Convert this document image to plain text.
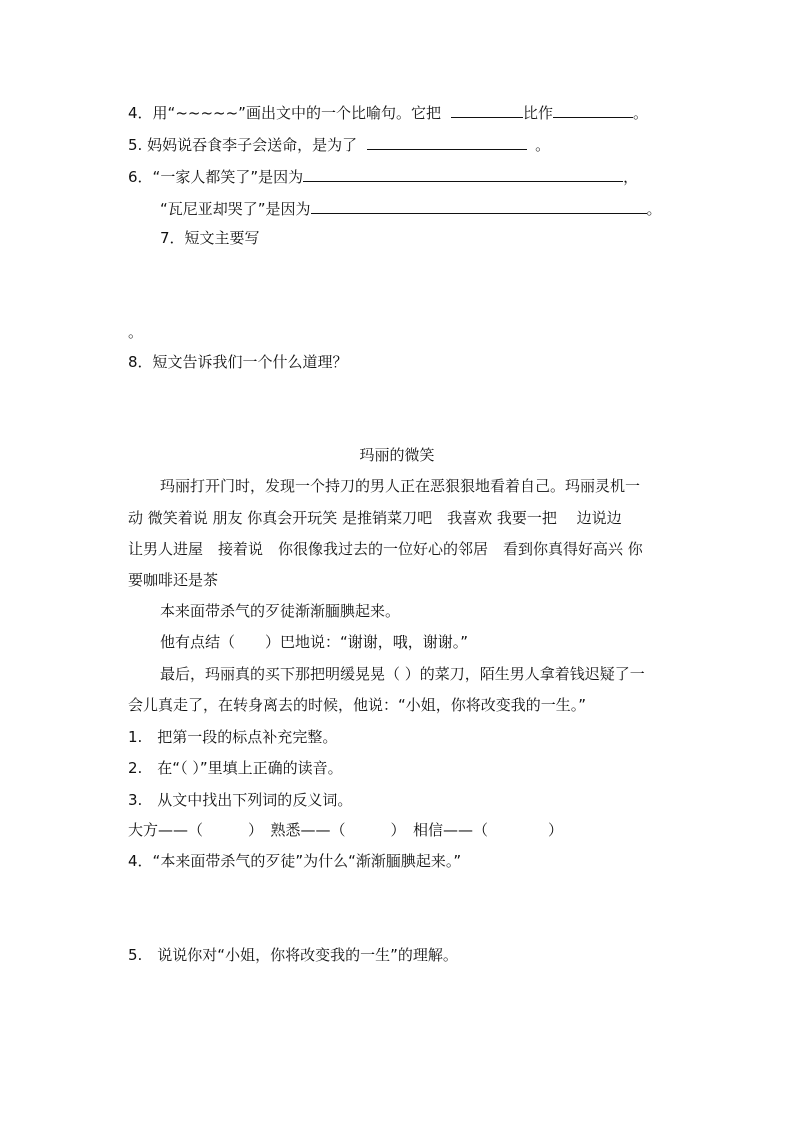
4．用“~~~~~”画出文中的一个比喻句。它把	比作	。
5. 妈妈说吞食李子会送命，是为了	。
6．“一家人都笑了”是因为	，
“瓦尼亚却哭了”是因为	。
7．短文主要写
。
8．短文告诉我们一个什么道理？
玛丽的微笑
玛丽打开门时，发现一个持刀的男人正在恶狠狠地看着自己。玛丽灵机一
动 微笑着说 朋友 你真会开玩笑 是推销菜刀吧　我喜欢 我要一把　 边说边
让男人进屋　接着说　你很像我过去的一位好心的邻居　看到你真得好高兴 你
要咖啡还是茶
本来面带杀气的歹徒渐渐腼腆起来。
他有点结（　　）巴地说：“谢谢，哦，谢谢。”
最后，玛丽真的买下那把明缓晃晃（ ）的菜刀，陌生男人拿着钱迟疑了一
会儿真走了，在转身离去的时候，他说：“小姐，你将改变我的一生。”
1.　把第一段的标点补充完整。
2.　在“（ ）”里填上正确的读音。
3.　从文中找出下列词的反义词。
大方——（　　　）　熟悉——（　　　）　相信——（　　　　）
4．“本来面带杀气的歹徒”为什么“渐渐腼腆起来。”
5.　说说你对“小姐，你将改变我的一生”的理解。
